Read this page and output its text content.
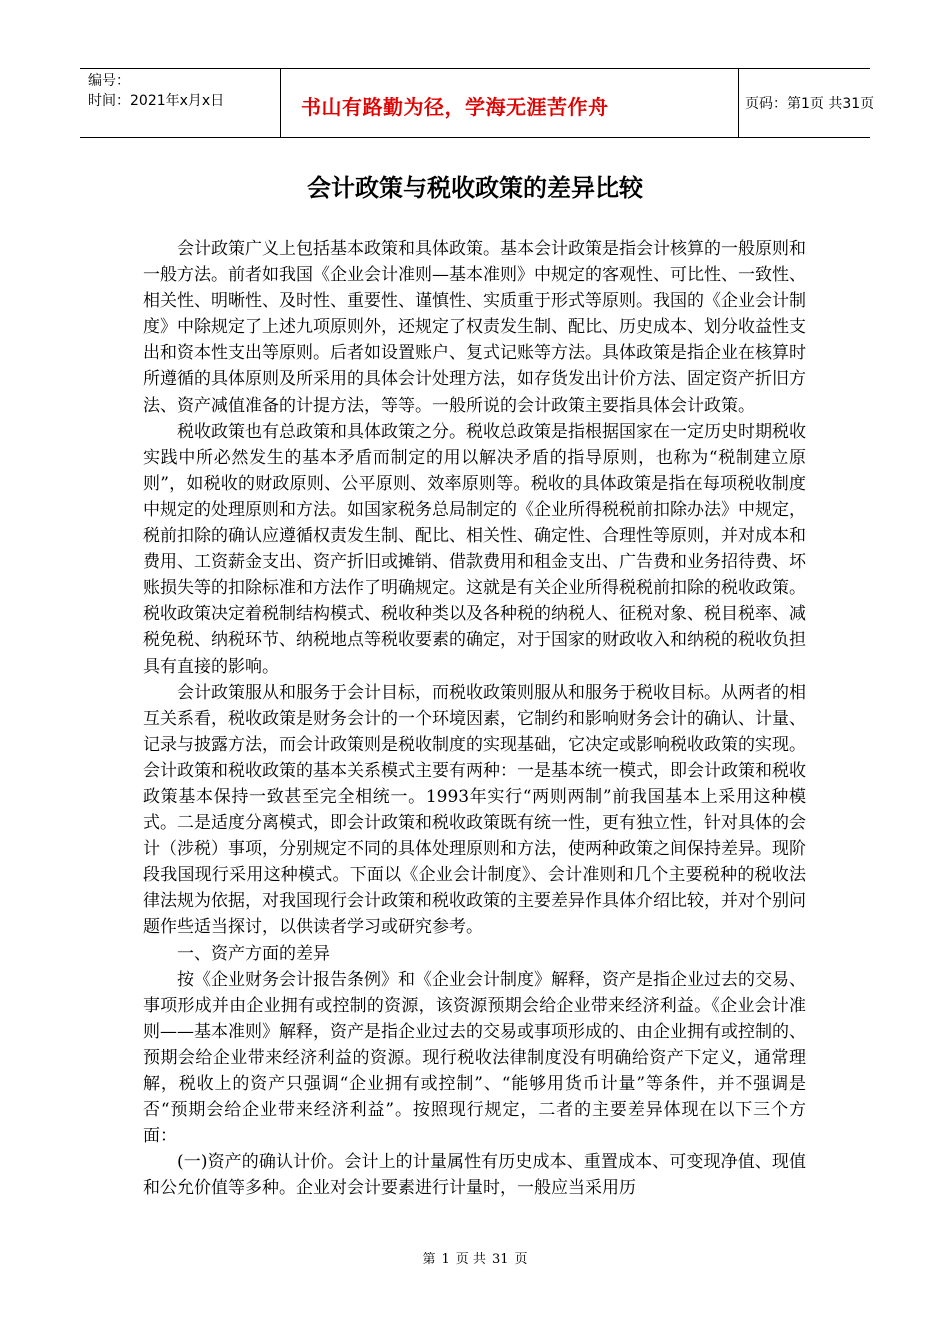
编号：
时间：2021年x月x日	书山有路勤为径，学海无涯苦作舟	页码：第1页 共31页
会计政策与税收政策的差异比较

会计政策广义上包括基本政策和具体政策。基本会计政策是指会计核算的一般原则和一般方法。前者如我国《企业会计准则—基本准则》中规定的客观性、可比性、一致性、相关性、明晰性、及时性、重要性、谨慎性、实质重于形式等原则。我国的《企业会计制度》中除规定了上述九项原则外，还规定了权责发生制、配比、历史成本、划分收益性支出和资本性支出等原则。后者如设置账户、复式记账等方法。具体政策是指企业在核算时所遵循的具体原则及所采用的具体会计处理方法，如存货发出计价方法、固定资产折旧方法、资产减值准备的计提方法，等等。一般所说的会计政策主要指具体会计政策。

税收政策也有总政策和具体政策之分。税收总政策是指根据国家在一定历史时期税收实践中所必然发生的基本矛盾而制定的用以解决矛盾的指导原则，也称为“税制建立原则”，如税收的财政原则、公平原则、效率原则等。税收的具体政策是指在每项税收制度中规定的处理原则和方法。如国家税务总局制定的《企业所得税税前扣除办法》中规定，税前扣除的确认应遵循权责发生制、配比、相关性、确定性、合理性等原则，并对成本和费用、工资薪金支出、资产折旧或摊销、借款费用和租金支出、广告费和业务招待费、坏账损失等的扣除标准和方法作了明确规定。这就是有关企业所得税税前扣除的税收政策。税收政策决定着税制结构模式、税收种类以及各种税的纳税人、征税对象、税目税率、减税免税、纳税环节、纳税地点等税收要素的确定，对于国家的财政收入和纳税的税收负担具有直接的影响。

会计政策服从和服务于会计目标，而税收政策则服从和服务于税收目标。从两者的相互关系看，税收政策是财务会计的一个环境因素，它制约和影响财务会计的确认、计量、记录与披露方法，而会计政策则是税收制度的实现基础，它决定或影响税收政策的实现。会计政策和税收政策的基本关系模式主要有两种：一是基本统一模式，即会计政策和税收政策基本保持一致甚至完全相统一。1993年实行“两则两制”前我国基本上采用这种模式。二是适度分离模式，即会计政策和税收政策既有统一性，更有独立性，针对具体的会计（涉税）事项，分别规定不同的具体处理原则和方法，使两种政策之间保持差异。现阶段我国现行采用这种模式。下面以《企业会计制度》、会计准则和几个主要税种的税收法律法规为依据，对我国现行会计政策和税收政策的主要差异作具体介绍比较，并对个别问题作些适当探讨，以供读者学习或研究参考。

一、资产方面的差异

按《企业财务会计报告条例》和《企业会计制度》解释，资产是指企业过去的交易、事项形成并由企业拥有或控制的资源，该资源预期会给企业带来经济利益。《企业会计准则——基本准则》解释，资产是指企业过去的交易或事项形成的、由企业拥有或控制的、预期会给企业带来经济利益的资源。现行税收法律制度没有明确给资产下定义，通常理解，税收上的资产只强调“企业拥有或控制”、“能够用货币计量”等条件，并不强调是否“预期会给企业带来经济利益”。按照现行规定，二者的主要差异体现在以下三个方面：

(一)资产的确认计价。会计上的计量属性有历史成本、重置成本、可变现净值、现值和公允价值等多种。企业对会计要素进行计量时，一般应当采用历

第 1 页 共 31 页
